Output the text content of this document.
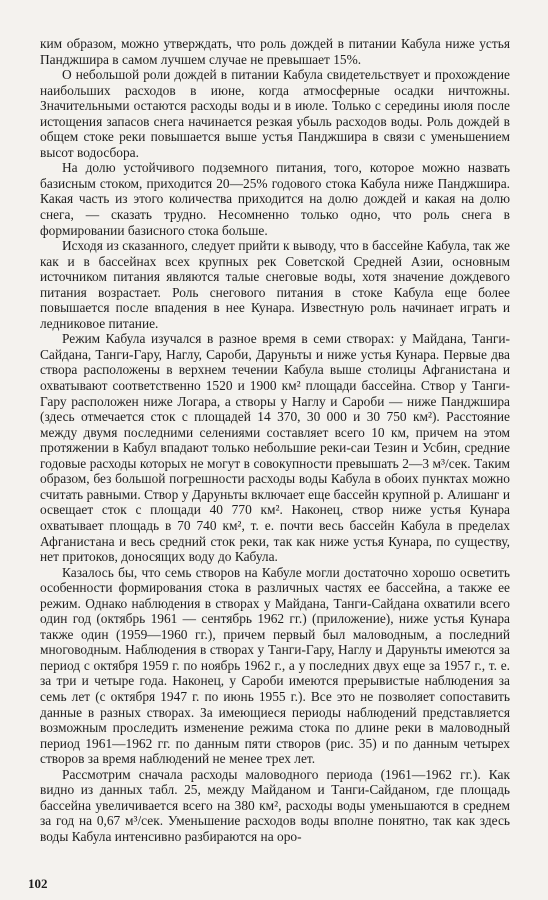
ким образом, можно утверждать, что роль дождей в питании Кабула ниже устья Панджшира в самом лучшем случае не превышает 15%.

О небольшой роли дождей в питании Кабула свидетельствует и прохождение наибольших расходов в июне, когда атмосферные осадки ничтожны. Значительными остаются расходы воды и в июле. Только с середины июля после истощения запасов снега начинается резкая убыль расходов воды. Роль дождей в общем стоке реки повышается выше устья Панджшира в связи с уменьшением высот водосбора.

На долю устойчивого подземного питания, того, которое можно назвать базисным стоком, приходится 20—25% годового стока Кабула ниже Панджшира. Какая часть из этого количества приходится на долю дождей и какая на долю снега, — сказать трудно. Несомненно только одно, что роль снега в формировании базисного стока больше.

Исходя из сказанного, следует прийти к выводу, что в бассейне Кабула, так же как и в бассейнах всех крупных рек Советской Средней Азии, основным источником питания являются талые снеговые воды, хотя значение дождевого питания возрастает. Роль снегового питания в стоке Кабула еще более повышается после впадения в нее Кунара. Известную роль начинает играть и ледниковое питание.

Режим Кабула изучался в разное время в семи створах: у Майдана, Танги-Сайдана, Танги-Гару, Наглу, Сароби, Даруньты и ниже устья Кунара. Первые два створа расположены в верхнем течении Кабула выше столицы Афганистана и охватывают соответственно 1520 и 1900 км² площади бассейна. Створ у Танги-Гару расположен ниже Логара, а створы у Наглу и Сароби — ниже Панджшира (здесь отмечается сток с площадей 14 370, 30 000 и 30 750 км²). Расстояние между двумя последними селениями составляет всего 10 км, причем на этом протяжении в Кабул впадают только небольшие реки-саи Тезин и Усбин, средние годовые расходы которых не могут в совокупности превышать 2—3 м³/сек. Таким образом, без большой погрешности расходы воды Кабула в обоих пунктах можно считать равными. Створ у Даруньты включает еще бассейн крупной р. Алишанг и освещает сток с площади 40 770 км². Наконец, створ ниже устья Кунара охватывает площадь в 70 740 км², т. е. почти весь бассейн Кабула в пределах Афганистана и весь средний сток реки, так как ниже устья Кунара, по существу, нет притоков, доносящих воду до Кабула.

Казалось бы, что семь створов на Кабуле могли достаточно хорошо осветить особенности формирования стока в различных частях ее бассейна, а также ее режим. Однако наблюдения в створах у Майдана, Танги-Сайдана охватили всего один год (октябрь 1961 — сентябрь 1962 гг.) (приложение), ниже устья Кунара также один (1959—1960 гг.), причем первый был маловодным, а последний многоводным. Наблюдения в створах у Танги-Гару, Наглу и Даруньты имеются за период с октября 1959 г. по ноябрь 1962 г., а у последних двух еще за 1957 г., т. е. за три и четыре года. Наконец, у Сароби имеются прерывистые наблюдения за семь лет (с октября 1947 г. по июнь 1955 г.). Все это не позволяет сопоставить данные в разных створах. За имеющиеся периоды наблюдений представляется возможным проследить изменение режима стока по длине реки в маловодный период 1961—1962 гг. по данным пяти створов (рис. 35) и по данным четырех створов за время наблюдений не менее трех лет.

Рассмотрим сначала расходы маловодного периода (1961—1962 гг.). Как видно из данных табл. 25, между Майданом и Танги-Сайданом, где площадь бассейна увеличивается всего на 380 км², расходы воды уменьшаются в среднем за год на 0,67 м³/сек. Уменьшение расходов воды вполне понятно, так как здесь воды Кабула интенсивно разбираются на оро-

102
